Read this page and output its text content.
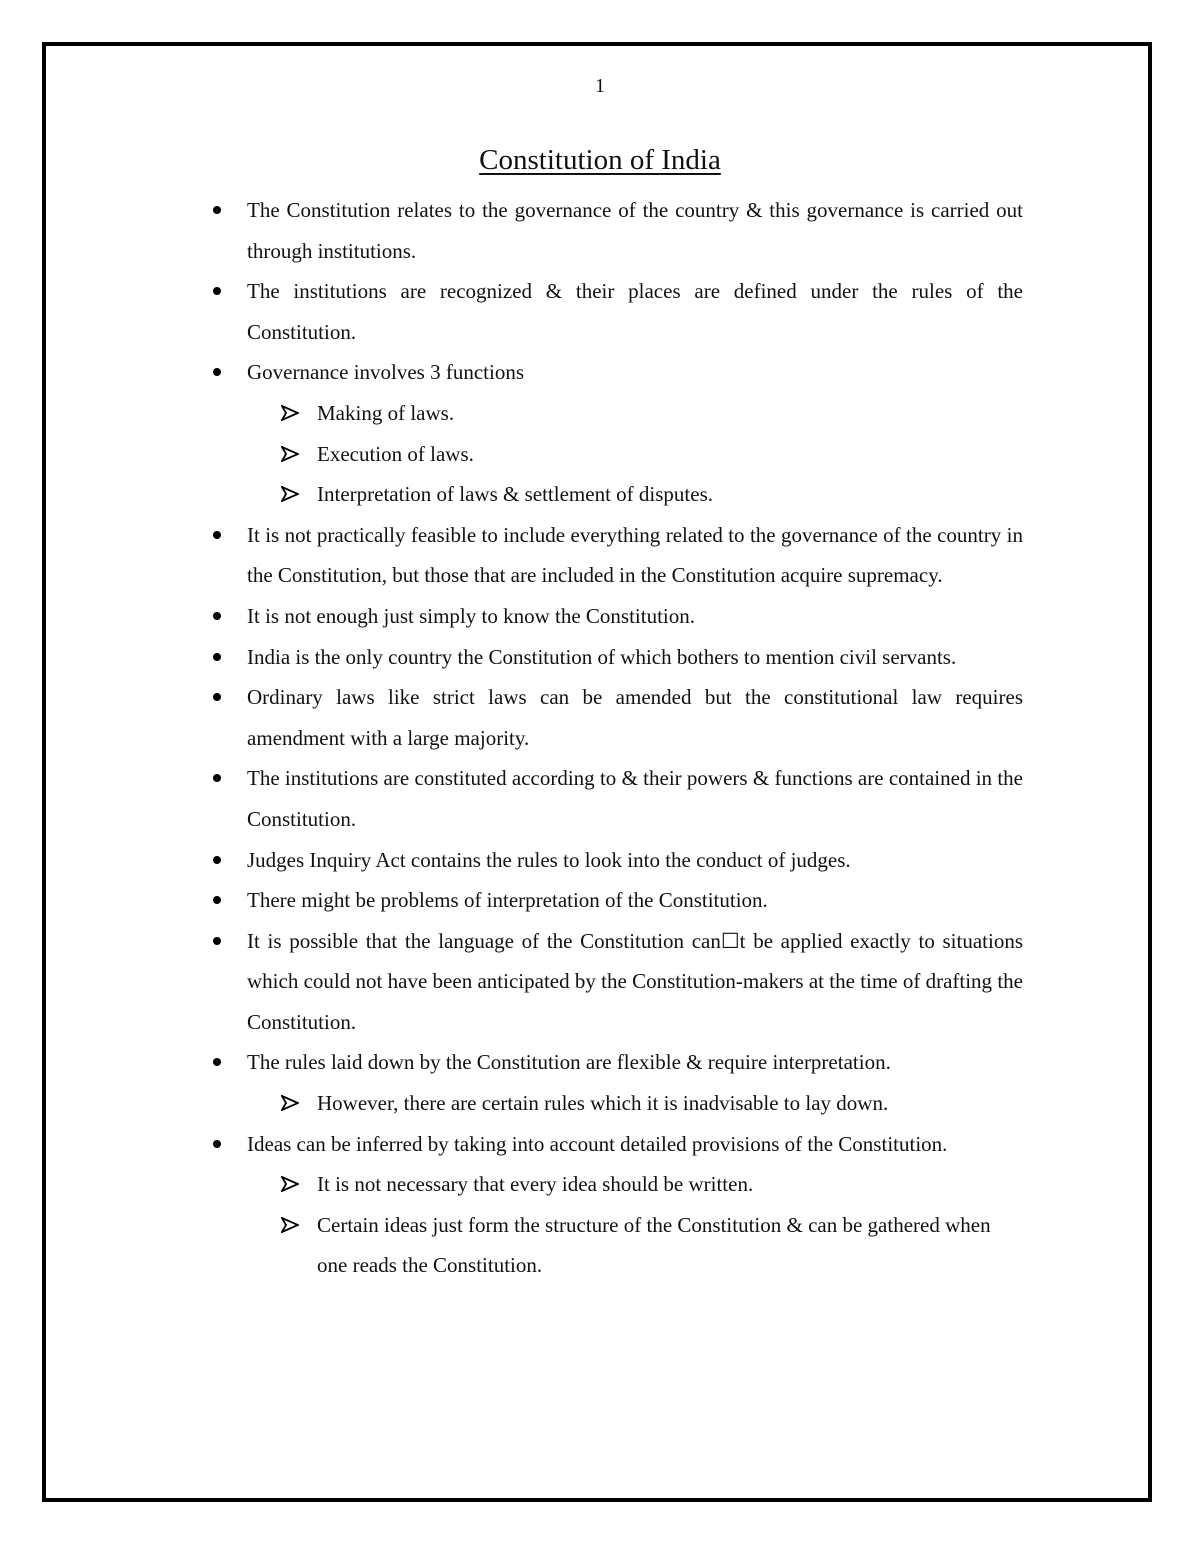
1
Constitution of India
The Constitution relates to the governance of the country & this governance is carried out through institutions.
The institutions are recognized & their places are defined under the rules of the Constitution.
Governance involves 3 functions
Making of laws.
Execution of laws.
Interpretation of laws & settlement of disputes.
It is not practically feasible to include everything related to the governance of the country in the Constitution, but those that are included in the Constitution acquire supremacy.
It is not enough just simply to know the Constitution.
India is the only country the Constitution of which bothers to mention civil servants.
Ordinary laws like strict laws can be amended but the constitutional law requires amendment with a large majority.
The institutions are constituted according to & their powers & functions are contained in the Constitution.
Judges Inquiry Act contains the rules to look into the conduct of judges.
There might be problems of interpretation of the Constitution.
It is possible that the language of the Constitution can☐t be applied exactly to situations which could not have been anticipated by the Constitution-makers at the time of drafting the Constitution.
The rules laid down by the Constitution are flexible & require interpretation.
However, there are certain rules which it is inadvisable to lay down.
Ideas can be inferred by taking into account detailed provisions of the Constitution.
It is not necessary that every idea should be written.
Certain ideas just form the structure of the Constitution & can be gathered when one reads the Constitution.
